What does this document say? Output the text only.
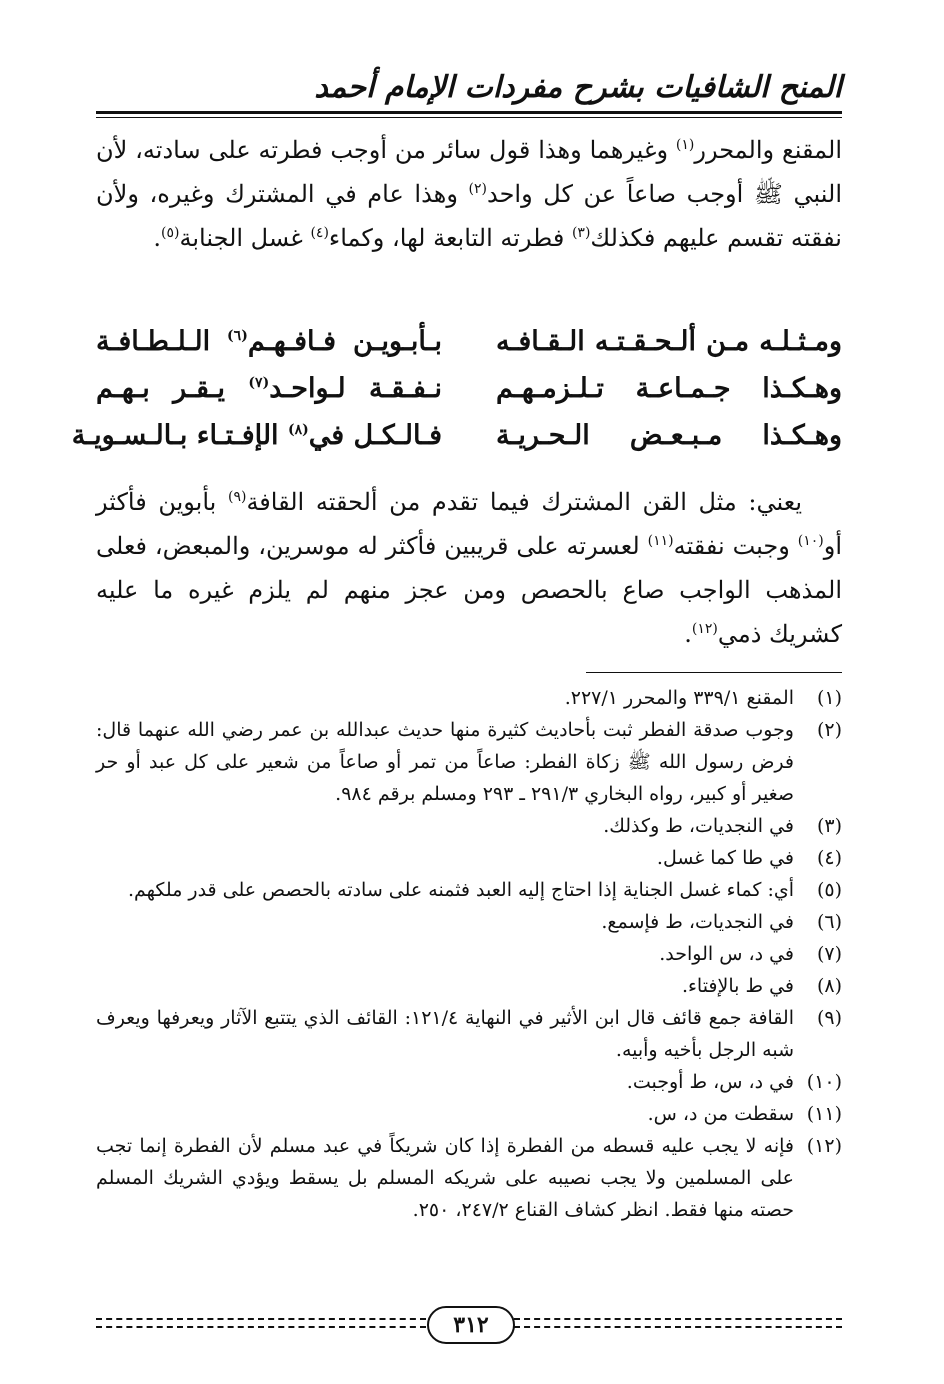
المنح الشافيات بشرح مفردات الإمام أحمد

المقنع والمحرر$^{(١)}$ وغيرهما وهذا قول سائر من أوجب فطرته على سادته، لأن النبي ﷺ أوجب صاعاً عن كل واحد$^{(٢)}$ وهذا عام في المشترك وغيره، ولأن نفقته تقسم عليهم فكذلك$^{(٣)}$ فطرته التابعة لها، وكماء$^{(٤)}$ غسل الجنابة$^{(٥)}$.

ومـثـلـه مـن ألـحـقـتـه الـقـافـه
بـأبـويـن فـافـهـم$^{(٦)}$ الـلـطـافـة
وهـكـذا جـمـاعـة تـلـزمـهـم
نـفـقـة لـواحـد$^{(٧)}$ يـقـر بـهـم
وهـكـذا مـبـعـض الـحـريـة
فـالـكـل في$^{(٨)}$ الإفـتـاء بـالـسـويـة

يعني: مثل القن المشترك فيما تقدم من ألحقته القافة$^{(٩)}$ بأبوين فأكثر أو$^{(١٠)}$ وجبت نفقته$^{(١١)}$ لعسرته على قريبين فأكثر له موسرين، والمبعض، فعلى المذهب الواجب صاع بالحصص ومن عجز منهم لم يلزم غيره ما عليه كشريك ذمي$^{(١٢)}$.

(١)
المقنع ٣٣٩/١ والمحرر ٢٢٧/١.
(٢)
وجوب صدقة الفطر ثبت بأحاديث كثيرة منها حديث عبدالله بن عمر رضي الله عنهما قال: فرض رسول الله ﷺ زكاة الفطر: صاعاً من تمر أو صاعاً من شعير على كل عبد أو حر صغير أو كبير، رواه البخاري ٢٩١/٣ ـ ٢٩٣ ومسلم برقم ٩٨٤.
(٣)
في النجديات، ط وكذلك.
(٤)
في طا كما غسل.
(٥)
أي: كماء غسل الجناية إذا احتاج إليه العبد فثمنه على سادته بالحصص على قدر ملكهم.
(٦)
في النجديات، ط فإسمع.
(٧)
في د، س الواحد.
(٨)
في ط بالإفتاء.
(٩)
القافة جمع قائف قال ابن الأثير في النهاية ١٢١/٤: القائف الذي يتتبع الآثار ويعرفها ويعرف شبه الرجل بأخيه وأبيه.
(١٠)
في د، س، ط أوجبت.
(١١)
سقطت من د، س.
(١٢)
فإنه لا يجب عليه قسطه من الفطرة إذا كان شريكاً في عبد مسلم لأن الفطرة إنما تجب على المسلمين ولا يجب نصيبه على شريكه المسلم بل يسقط ويؤدي الشريك المسلم حصته منها فقط. انظر كشاف القناع ٢٤٧/٢، ٢٥٠.
٣١٢
